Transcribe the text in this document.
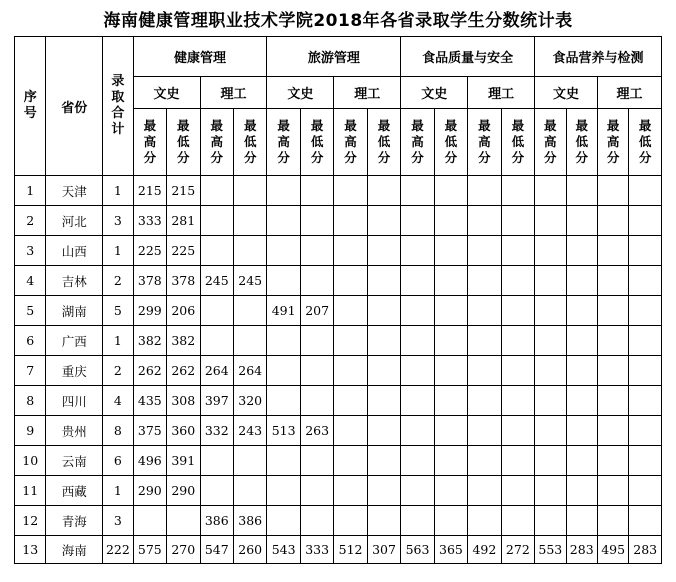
海南健康管理职业技术学院2018年各省录取学生分数统计表
序号	省份	录取合计	健康管理				旅游管理				食品质量与安全				食品营养与检测			
			文史		理工		文史		理工		文史		理工		文史		理工	
			最高分	最低分	最高分	最低分	最高分	最低分	最高分	最低分	最高分	最低分	最高分	最低分	最高分	最低分	最高分	最低分
1	天津	1	215	215														
2	河北	3	333	281														
3	山西	1	225	225														
4	吉林	2	378	378	245	245												
5	湖南	5	299	206			491	207										
6	广西	1	382	382														
7	重庆	2	262	262	264	264												
8	四川	4	435	308	397	320												
9	贵州	8	375	360	332	243	513	263										
10	云南	6	496	391														
11	西藏	1	290	290														
12	青海	3			386	386												
13	海南	222	575	270	547	260	543	333	512	307	563	365	492	272	553	283	495	283
